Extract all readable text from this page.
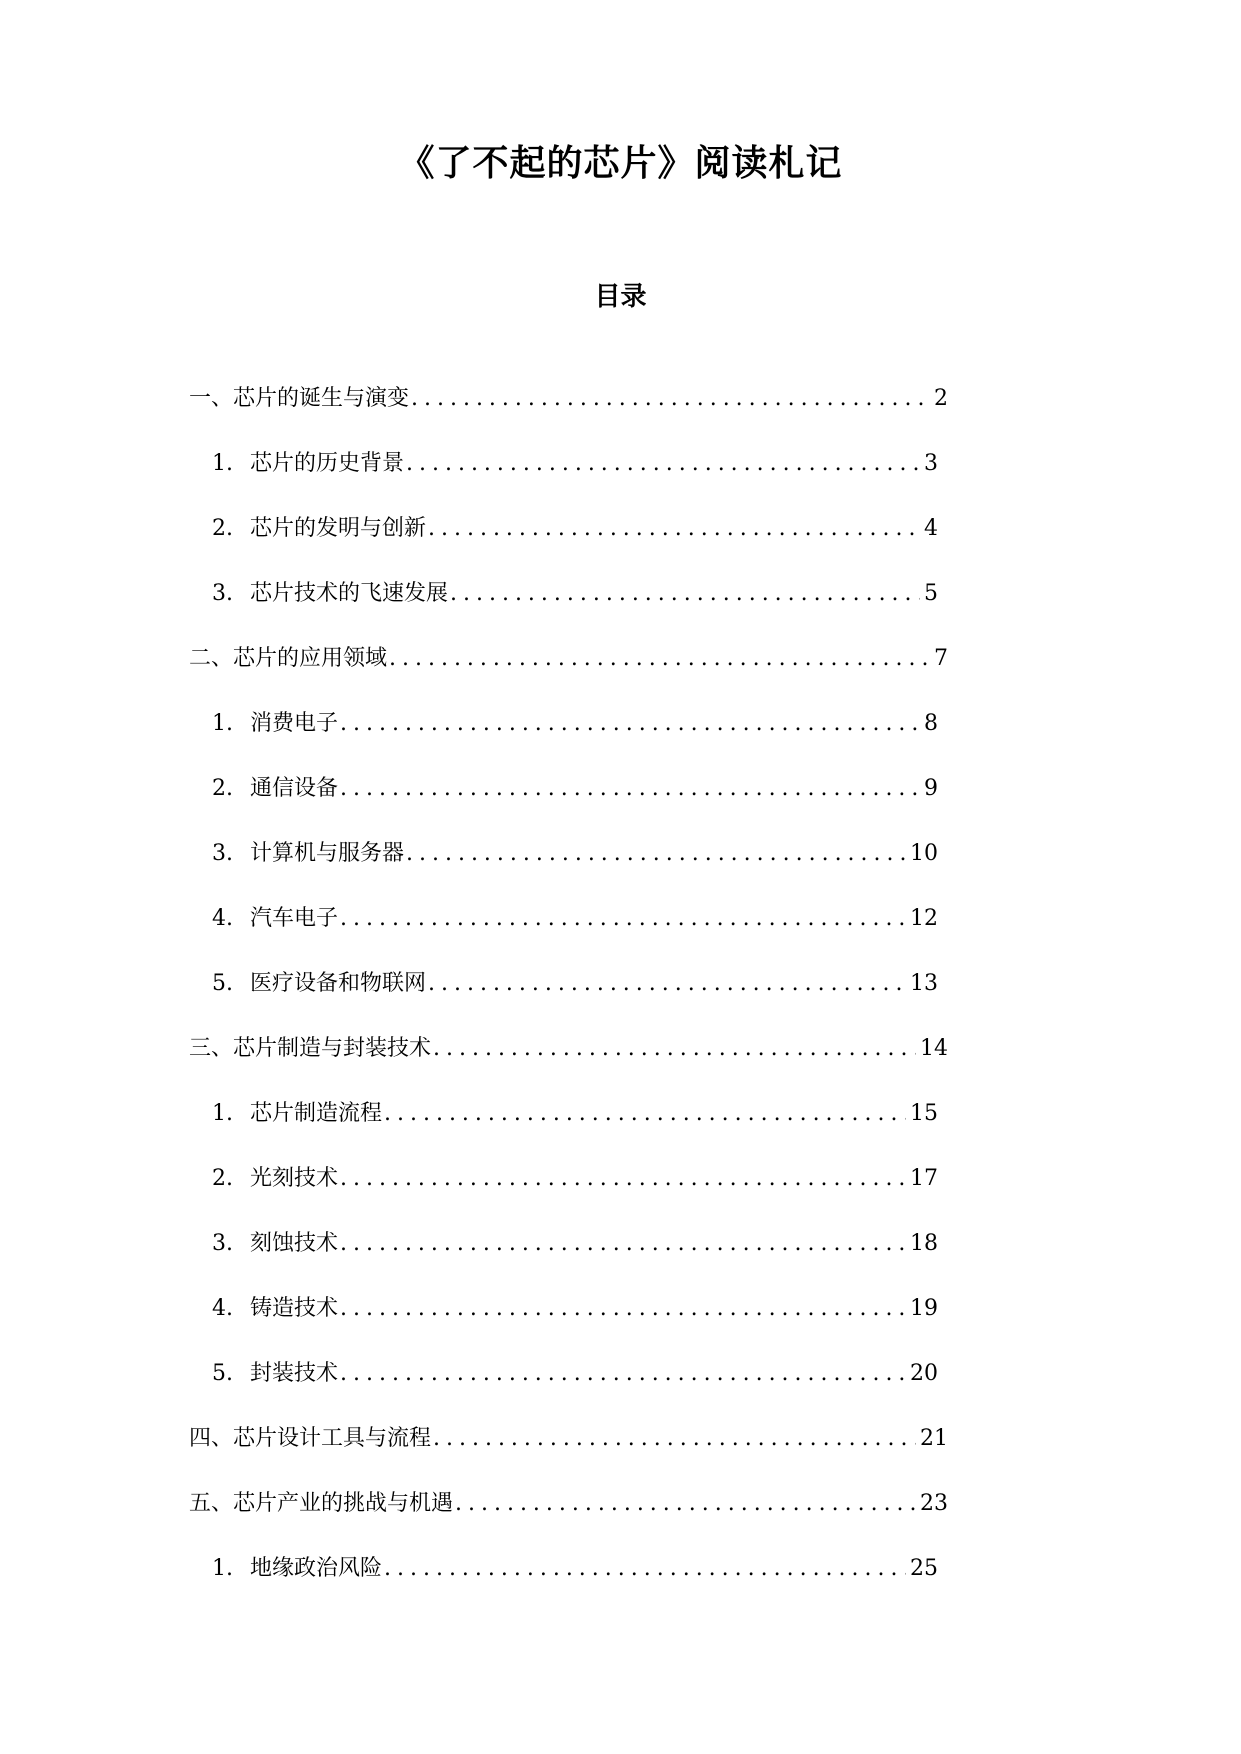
《了不起的芯片》阅读札记
目录
一、芯片的诞生与演变 . . .	2
1. 芯片的历史背景 . . .	3
2. 芯片的发明与创新 . . .	4
3. 芯片技术的飞速发展 . . .	5
二、芯片的应用领域 . . .	7
1. 消费电子 . . .	8
2. 通信设备 . . .	9
3. 计算机与服务器 . . .	10
4. 汽车电子 . . .	12
5. 医疗设备和物联网 . . .	13
三、芯片制造与封装技术 . . .	14
1. 芯片制造流程 . . .	15
2. 光刻技术 . . .	17
3. 刻蚀技术 . . .	18
4. 铸造技术 . . .	19
5. 封装技术 . . .	20
四、芯片设计工具与流程 . . .	21
五、芯片产业的挑战与机遇 . . .	23
1. 地缘政治风险 . . .	25
